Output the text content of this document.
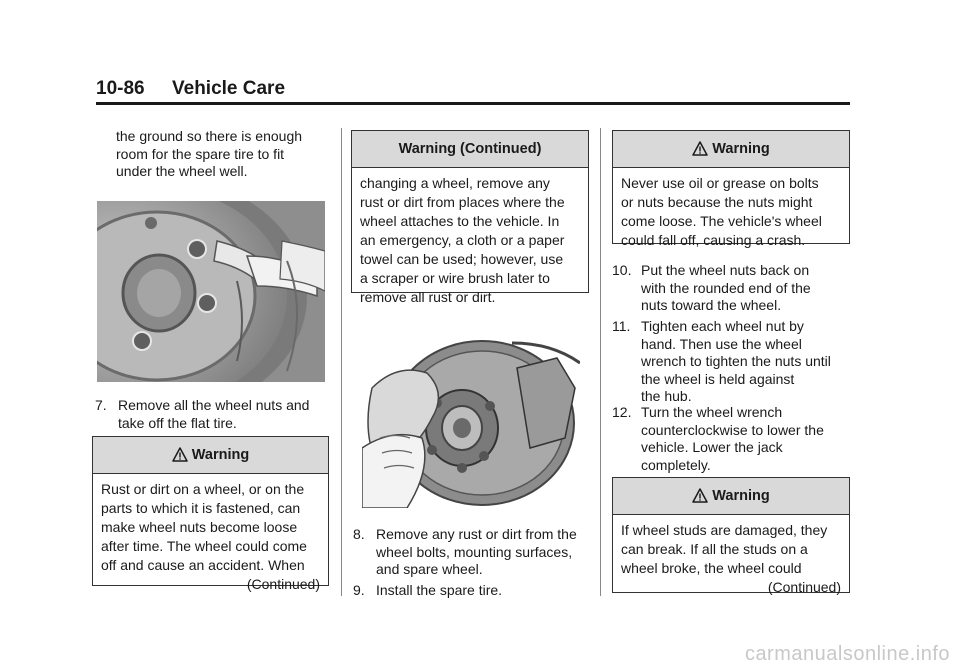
10-86 Vehicle Care
the ground so there is enough
room for the spare tire to fit
under the wheel well.
7. Remove all the wheel nuts and
take off the flat tire.
Warning
Rust or dirt on a wheel, or on the
parts to which it is fastened, can
make wheel nuts become loose
after time. The wheel could come
off and cause an accident. When
(Continued)
Warning (Continued)
changing a wheel, remove any
rust or dirt from places where the
wheel attaches to the vehicle. In
an emergency, a cloth or a paper
towel can be used; however, use
a scraper or wire brush later to
remove all rust or dirt.
8. Remove any rust or dirt from the
wheel bolts, mounting surfaces,
and spare wheel.
9. Install the spare tire.
Warning
Never use oil or grease on bolts
or nuts because the nuts might
come loose. The vehicle's wheel
could fall off, causing a crash.
10. Put the wheel nuts back on
with the rounded end of the
nuts toward the wheel.
11. Tighten each wheel nut by
hand. Then use the wheel
wrench to tighten the nuts until
the wheel is held against
the hub.
12. Turn the wheel wrench
counterclockwise to lower the
vehicle. Lower the jack
completely.
Warning
If wheel studs are damaged, they
can break. If all the studs on a
wheel broke, the wheel could
(Continued)
carmanualsonline.info
